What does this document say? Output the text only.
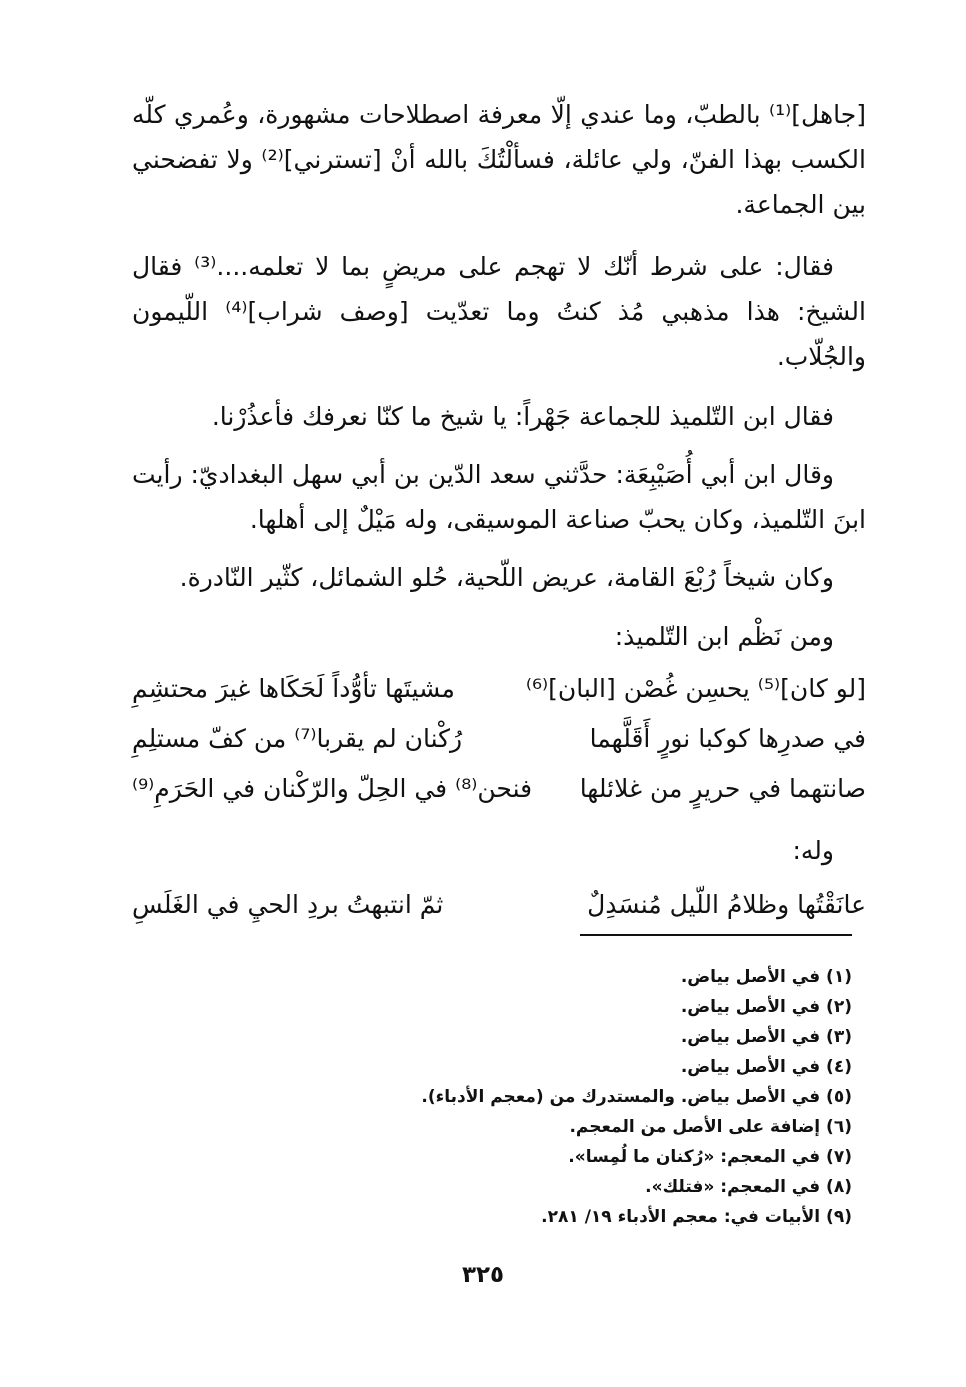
[جاهل]⁽¹⁾ بالطبّ، وما عندي إلّا معرفة اصطلاحات مشهورة، وعُمري كلّه الكسب بهذا الفنّ، ولي عائلة، فسألْتُكَ بالله أنْ [تسترني]⁽²⁾ ولا تفضحني بين الجماعة.

فقال: على شرط أنّك لا تهجم على مريضٍ بما لا تعلمه....⁽³⁾ فقال الشيخ: هذا مذهبي مُذ كنتُ وما تعدّيت [وصف شراب]⁽⁴⁾ اللّيمون والجُلّاب.

فقال ابن التّلميذ للجماعة جَهْراً: يا شيخ ما كنّا نعرفك فأعذُرْنا.

وقال ابن أبي أُصَيْبِعَة: حدَّثني سعد الدّين بن أبي سهل البغداديّ: رأيت ابنَ التّلميذ، وكان يحبّ صناعة الموسيقى، وله مَيْلٌ إلى أهلها.

وكان شيخاً رُبْعَ القامة، عريض اللّحية، حُلو الشمائل، كثّير النّادرة.

ومن نَظْم ابن التّلميذ:

[لو كان]⁽⁵⁾ يحسِن غُصْن [البان]⁽⁶⁾
مشيتَها تأوُّداً لَحَكَاها غيرَ محتشِمِ
في صدرِها كوكبا نورٍ أَقَلَّهما
رُكْنان لم يقربا⁽⁷⁾ من كفّ مستلِمِ
صانتهما في حريرٍ من غلائلها
فنحن⁽⁸⁾ في الحِلّ والرّكْنان في الحَرَمِ⁽⁹⁾

وله:

عانَقْتُها وظلامُ اللّيل مُنسَدِلٌ
ثمّ انتبهتُ بردِ الحيِ في الغَلَسِ
(١) في الأصل بياض.
(٢) في الأصل بياض.
(٣) في الأصل بياض.
(٤) في الأصل بياض.
(٥) في الأصل بياض. والمستدرك من (معجم الأدباء).
(٦) إضافة على الأصل من المعجم.
(٧) في المعجم: «رُكنان ما لُمِسا».
(٨) في المعجم: «فتلك».
(٩) الأبيات في: معجم الأدباء ١٩/ ٢٨١.
٣٢٥
